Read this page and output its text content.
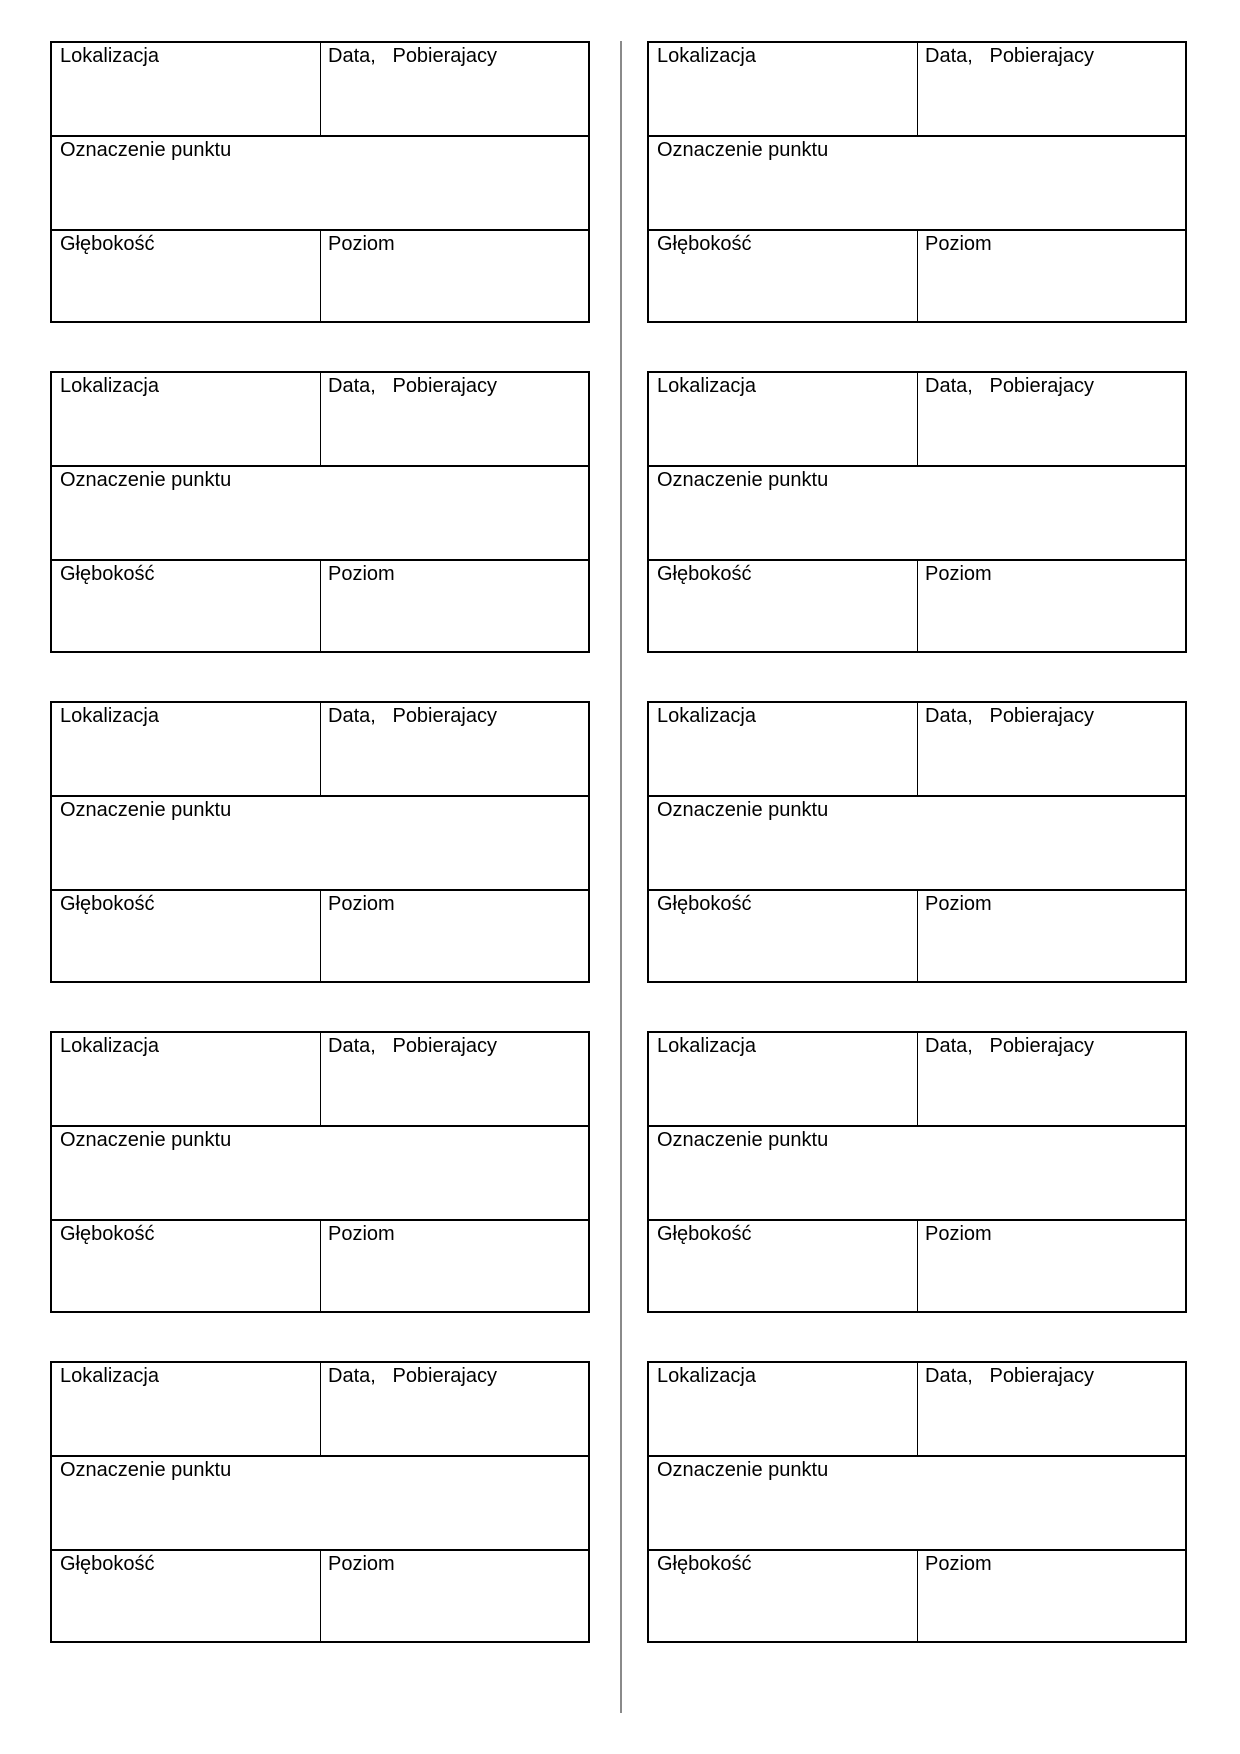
Lokalizacja	Data,   Pobierajacy
Oznaczenie punktu
Głębokość	Poziom
Lokalizacja	Data,   Pobierajacy
Oznaczenie punktu
Głębokość	Poziom
Lokalizacja	Data,   Pobierajacy
Oznaczenie punktu
Głębokość	Poziom
Lokalizacja	Data,   Pobierajacy
Oznaczenie punktu
Głębokość	Poziom
Lokalizacja	Data,   Pobierajacy
Oznaczenie punktu
Głębokość	Poziom
Lokalizacja	Data,   Pobierajacy
Oznaczenie punktu
Głębokość	Poziom
Lokalizacja	Data,   Pobierajacy
Oznaczenie punktu
Głębokość	Poziom
Lokalizacja	Data,   Pobierajacy
Oznaczenie punktu
Głębokość	Poziom
Lokalizacja	Data,   Pobierajacy
Oznaczenie punktu
Głębokość	Poziom
Lokalizacja	Data,   Pobierajacy
Oznaczenie punktu
Głębokość	Poziom
